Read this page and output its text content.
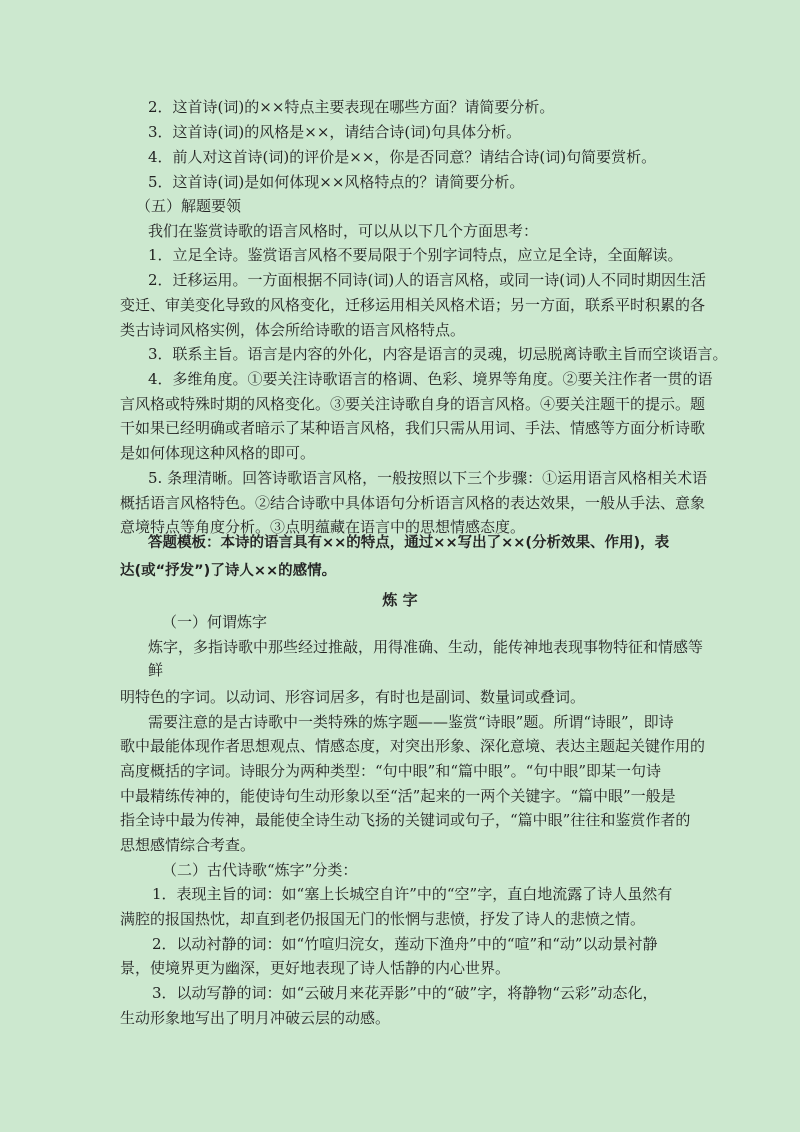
2．这首诗(词)的××特点主要表现在哪些方面？请简要分析。

3．这首诗(词)的风格是××，请结合诗(词)句具体分析。

4．前人对这首诗(词)的评价是××，你是否同意？请结合诗(词)句简要赏析。

5．这首诗(词)是如何体现××风格特点的？请简要分析。

（五）解题要领

我们在鉴赏诗歌的语言风格时，可以从以下几个方面思考：

1．立足全诗。鉴赏语言风格不要局限于个别字词特点，应立足全诗，全面解读。

2．迁移运用。一方面根据不同诗(词)人的语言风格，或同一诗(词)人不同时期因生活

变迁、审美变化导致的风格变化，迁移运用相关风格术语；另一方面，联系平时积累的各

类古诗词风格实例，体会所给诗歌的语言风格特点。

3．联系主旨。语言是内容的外化，内容是语言的灵魂，切忌脱离诗歌主旨而空谈语言。

4．多维角度。①要关注诗歌语言的格调、色彩、境界等角度。②要关注作者一贯的语

言风格或特殊时期的风格变化。③要关注诗歌自身的语言风格。④要关注题干的提示。题

干如果已经明确或者暗示了某种语言风格，我们只需从用词、手法、情感等方面分析诗歌

是如何体现这种风格的即可。

5. 条理清晰。回答诗歌语言风格，一般按照以下三个步骤：①运用语言风格相关术语

概括语言风格特色。②结合诗歌中具体语句分析语言风格的表达效果，一般从手法、意象

意境特点等角度分析。③点明蕴藏在语言中的思想情感态度。

答题模板：本诗的语言具有××的特点，通过××写出了××(分析效果、作用)，表

达(或“抒发”)了诗人××的感情。

炼 字

（一）何谓炼字

炼字，多指诗歌中那些经过推敲，用得准确、生动，能传神地表现事物特征和情感等

鲜

明特色的字词。以动词、形容词居多，有时也是副词、数量词或叠词。

需要注意的是古诗歌中一类特殊的炼字题——鉴赏“诗眼”题。所谓“诗眼”，即诗

歌中最能体现作者思想观点、情感态度，对突出形象、深化意境、表达主题起关键作用的

高度概括的字词。诗眼分为两种类型：“句中眼”和“篇中眼”。“句中眼”即某一句诗

中最精练传神的，能使诗句生动形象以至“活”起来的一两个关键字。“篇中眼”一般是

指全诗中最为传神，最能使全诗生动飞扬的关键词或句子，“篇中眼”往往和鉴赏作者的

思想感情综合考查。

（二）古代诗歌“炼字”分类：

1．表现主旨的词：如“塞上长城空自许”中的“空”字，直白地流露了诗人虽然有

满腔的报国热忱，却直到老仍报国无门的怅惘与悲愤，抒发了诗人的悲愤之情。

2．以动衬静的词：如“竹喧归浣女，莲动下渔舟”中的“喧”和“动”以动景衬静

景，使境界更为幽深，更好地表现了诗人恬静的内心世界。

3．以动写静的词：如“云破月来花弄影”中的“破”字，将静物“云彩”动态化，

生动形象地写出了明月冲破云层的动感。
